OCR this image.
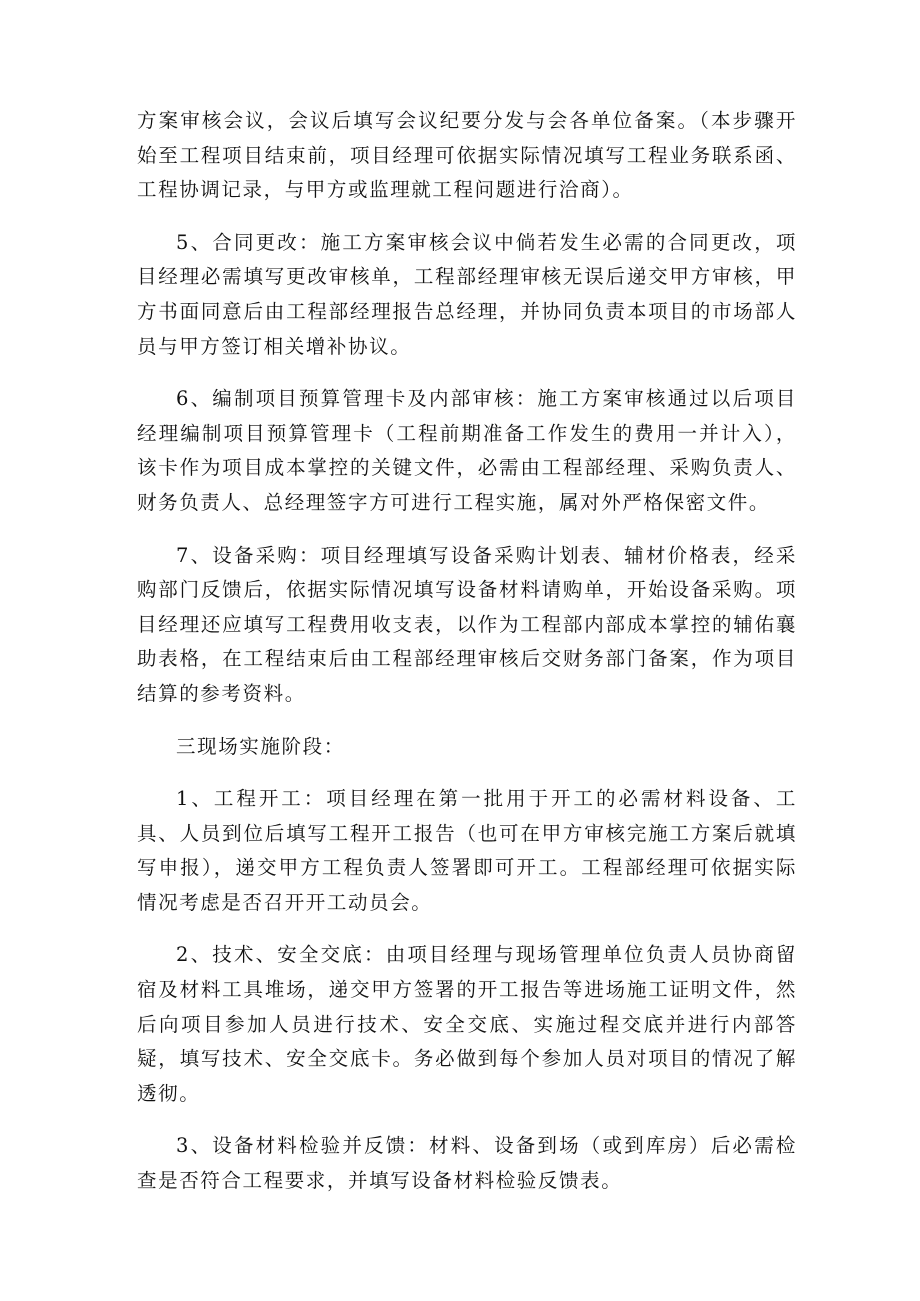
方案审核会议，会议后填写会议纪要分发与会各单位备案。（本步骤开始至工程项目结束前，项目经理可依据实际情况填写工程业务联系函、工程协调记录，与甲方或监理就工程问题进行洽商）。

5、合同更改：施工方案审核会议中倘若发生必需的合同更改，项目经理必需填写更改审核单，工程部经理审核无误后递交甲方审核，甲方书面同意后由工程部经理报告总经理，并协同负责本项目的市场部人员与甲方签订相关增补协议。

6、编制项目预算管理卡及内部审核：施工方案审核通过以后项目经理编制项目预算管理卡（工程前期准备工作发生的费用一并计入），该卡作为项目成本掌控的关键文件，必需由工程部经理、采购负责人、财务负责人、总经理签字方可进行工程实施，属对外严格保密文件。

7、设备采购：项目经理填写设备采购计划表、辅材价格表，经采购部门反馈后，依据实际情况填写设备材料请购单，开始设备采购。项目经理还应填写工程费用收支表，以作为工程部内部成本掌控的辅佑襄助表格，在工程结束后由工程部经理审核后交财务部门备案，作为项目结算的参考资料。

三现场实施阶段：

1、工程开工：项目经理在第一批用于开工的必需材料设备、工具、人员到位后填写工程开工报告（也可在甲方审核完施工方案后就填写申报），递交甲方工程负责人签署即可开工。工程部经理可依据实际情况考虑是否召开开工动员会。

2、技术、安全交底：由项目经理与现场管理单位负责人员协商留宿及材料工具堆场，递交甲方签署的开工报告等进场施工证明文件，然后向项目参加人员进行技术、安全交底、实施过程交底并进行内部答疑，填写技术、安全交底卡。务必做到每个参加人员对项目的情况了解透彻。

3、设备材料检验并反馈：材料、设备到场（或到库房）后必需检查是否符合工程要求，并填写设备材料检验反馈表。
